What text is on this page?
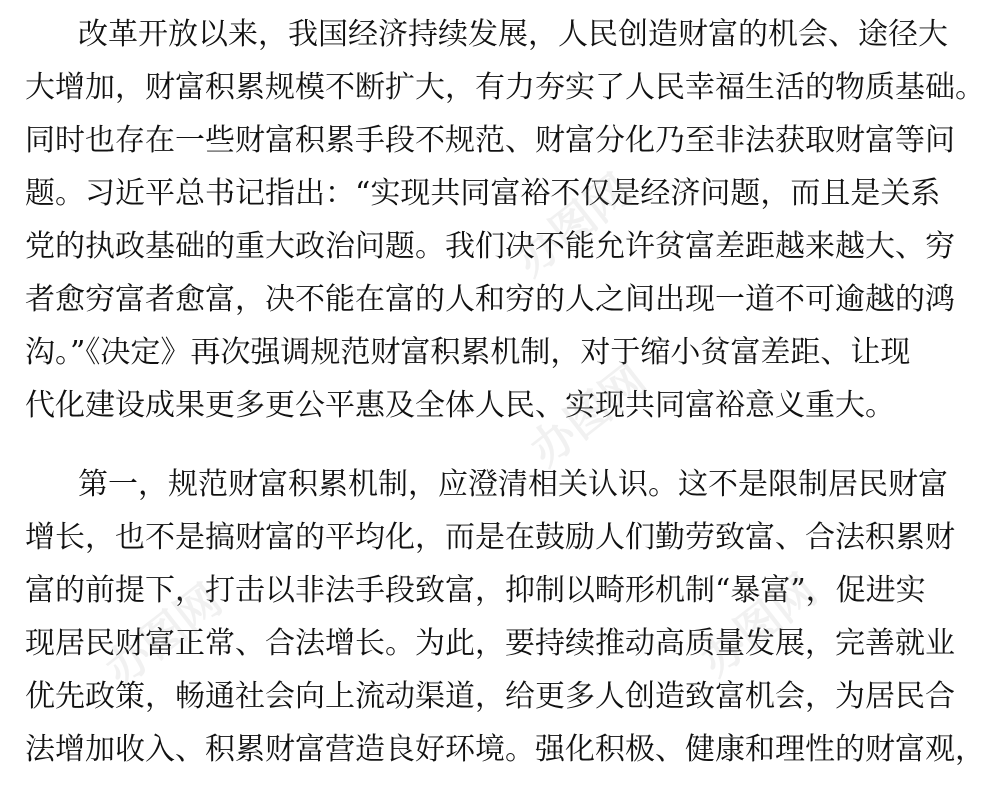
改革开放以来，我国经济持续发展，人民创造财富的机会、途径大
大增加，财富积累规模不断扩大，有力夯实了人民幸福生活的物质基础。
同时也存在一些财富积累手段不规范、财富分化乃至非法获取财富等问
题。习近平总书记指出：“实现共同富裕不仅是经济问题，而且是关系
党的执政基础的重大政治问题。我们决不能允许贫富差距越来越大、穷
者愈穷富者愈富，决不能在富的人和穷的人之间出现一道不可逾越的鸿
沟。”《决定》再次强调规范财富积累机制，对于缩小贫富差距、让现
代化建设成果更多更公平惠及全体人民、实现共同富裕意义重大。
第一，规范财富积累机制，应澄清相关认识。这不是限制居民财富
增长，也不是搞财富的平均化，而是在鼓励人们勤劳致富、合法积累财
富的前提下，打击以非法手段致富，抑制以畸形机制“暴富”，促进实
现居民财富正常、合法增长。为此，要持续推动高质量发展，完善就业
优先政策，畅通社会向上流动渠道，给更多人创造致富机会，为居民合
法增加收入、积累财富营造良好环境。强化积极、健康和理性的财富观，
办图网
办图网
办图网
办图网
